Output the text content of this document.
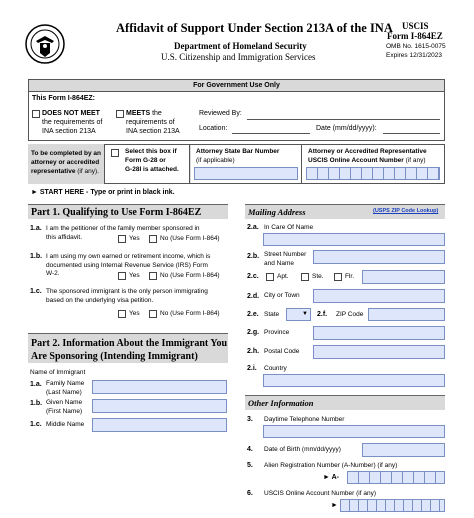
Affidavit of Support Under Section 213A of the INA
Department of Homeland Security
U.S. Citizenship and Immigration Services
USCIS
Form I-864EZ
OMB No. 1615-0075
Expires 12/31/2023
For Government Use Only
This Form I-864EZ:
DOES NOT MEET
the requirements of
INA section 213A
MEETS the
requirements of
INA section 213A
Reviewed By:
Location:	Date (mm/dd/yyyy):
To be completed by an
attorney or accredited
representative (if any).
Select this box if
Form G-28 or
G-28I is attached.
Attorney State Bar Number
(if applicable)
Attorney or Accredited Representative
USCIS Online Account Number (if any)
► START HERE - Type or print in black ink.
Part 1. Qualifying to Use Form I-864EZ
1.a. I am the petitioner of the family member sponsored in
this affidavit.	Yes	No (Use Form I-864)
1.b. I am using my own earned or retirement income, which is
documented using Internal Revenue Service (IRS) Form
W-2.	Yes	No (Use Form I-864)
1.c. The sponsored immigrant is the only person immigrating
based on the underlying visa petition.
Yes	No (Use Form I-864)
Part 2. Information About the Immigrant You
Are Sponsoring (Intending Immigrant)
Name of Immigrant
1.a. Family Name
(Last Name)
1.b. Given Name
(First Name)
1.c. Middle Name
Mailing Address	(USPS ZIP Code Lookup)
2.a. In Care Of Name
2.b. Street Number
and Name
2.c.	Apt.	Ste.	Flr.
2.d. City or Town
2.e. State	▼ 2.f. ZIP Code
2.g. Province
2.h. Postal Code
2.i. Country
Other Information
3. Daytime Telephone Number
4. Date of Birth (mm/dd/yyyy)
5. Alien Registration Number (A-Number) (if any)
► A-
6. USCIS Online Account Number (if any)
►
